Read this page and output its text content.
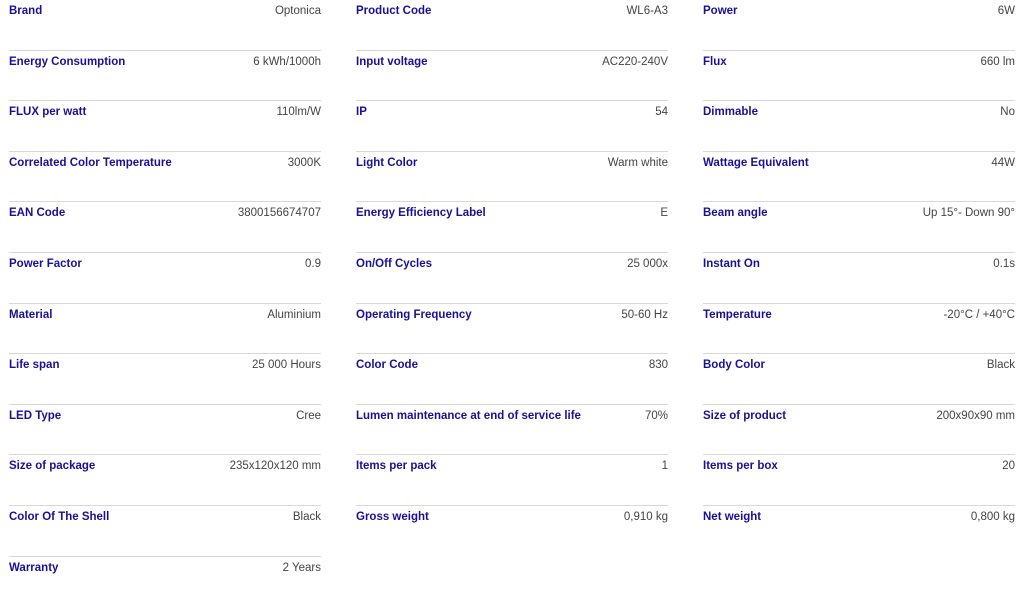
Brand	Optonica
Energy Consumption	6 kWh/1000h
FLUX per watt	110lm/W
Correlated Color Temperature	3000K
EAN Code	3800156674707
Power Factor	0.9
Material	Aluminium
Life span	25 000 Hours
LED Type	Cree
Size of package	235x120x120 mm
Color Of The Shell	Black
Warranty	2 Years
Product Code	WL6-A3
Input voltage	AC220-240V
IP	54
Light Color	Warm white
Energy Efficiency Label	E
On/Off Cycles	25 000x
Operating Frequency	50-60 Hz
Color Code	830
Lumen maintenance at end of service life	70%
Items per pack	1
Gross weight	0,910 kg
Power	6W
Flux	660 lm
Dimmable	No
Wattage Equivalent	44W
Beam angle	Up 15°- Down 90°
Instant On	0.1s
Temperature	-20°C / +40°C
Body Color	Black
Size of product	200x90x90 mm
Items per box	20
Net weight	0,800 kg
